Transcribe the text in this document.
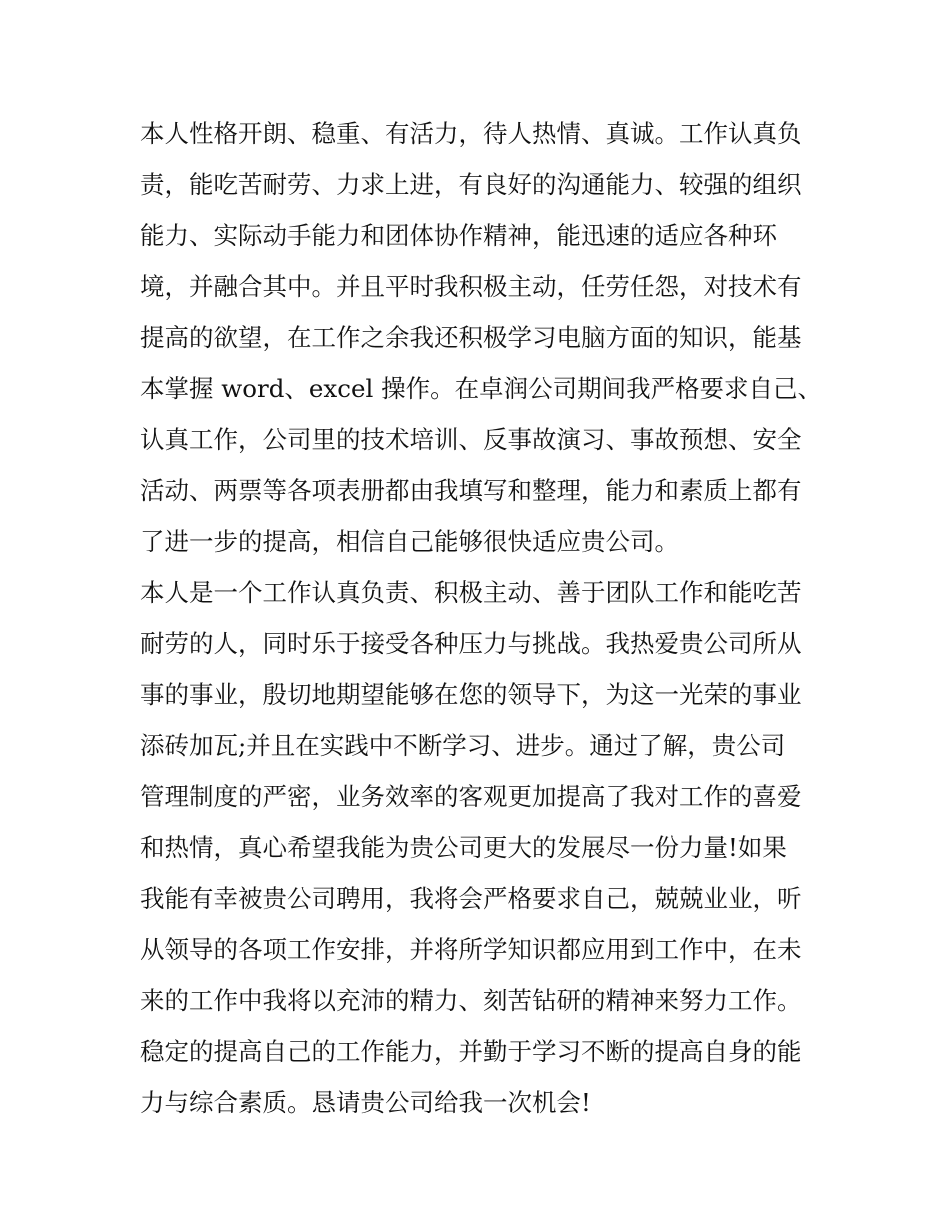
本人性格开朗、稳重、有活力，待人热情、真诚。工作认真负
责，能吃苦耐劳、力求上进，有良好的沟通能力、较强的组织
能力、实际动手能力和团体协作精神，能迅速的适应各种环
境，并融合其中。并且平时我积极主动，任劳任怨，对技术有
提高的欲望，在工作之余我还积极学习电脑方面的知识，能基
本掌握 word、excel 操作。在卓润公司期间我严格要求自己、
认真工作，公司里的技术培训、反事故演习、事故预想、安全
活动、两票等各项表册都由我填写和整理，能力和素质上都有
了进一步的提高，相信自己能够很快适应贵公司。
本人是一个工作认真负责、积极主动、善于团队工作和能吃苦
耐劳的人，同时乐于接受各种压力与挑战。我热爱贵公司所从
事的事业，殷切地期望能够在您的领导下，为这一光荣的事业
添砖加瓦;并且在实践中不断学习、进步。通过了解，贵公司
管理制度的严密，业务效率的客观更加提高了我对工作的喜爱
和热情，真心希望我能为贵公司更大的发展尽一份力量!如果
我能有幸被贵公司聘用，我将会严格要求自己，兢兢业业，听
从领导的各项工作安排，并将所学知识都应用到工作中，在未
来的工作中我将以充沛的精力、刻苦钻研的精神来努力工作。
稳定的提高自己的工作能力，并勤于学习不断的提高自身的能
力与综合素质。恳请贵公司给我一次机会!
